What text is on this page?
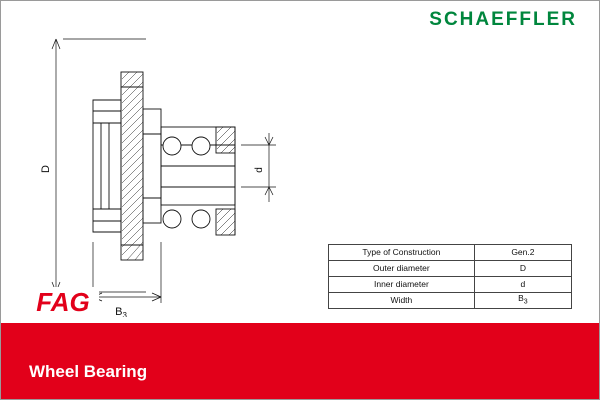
SCHAEFFLER
D	d
$B_3$
Type of Construction	Gen.2
Outer diameter	D
Inner diameter	d
Width	$B_3$
FAG
Wheel Bearing
